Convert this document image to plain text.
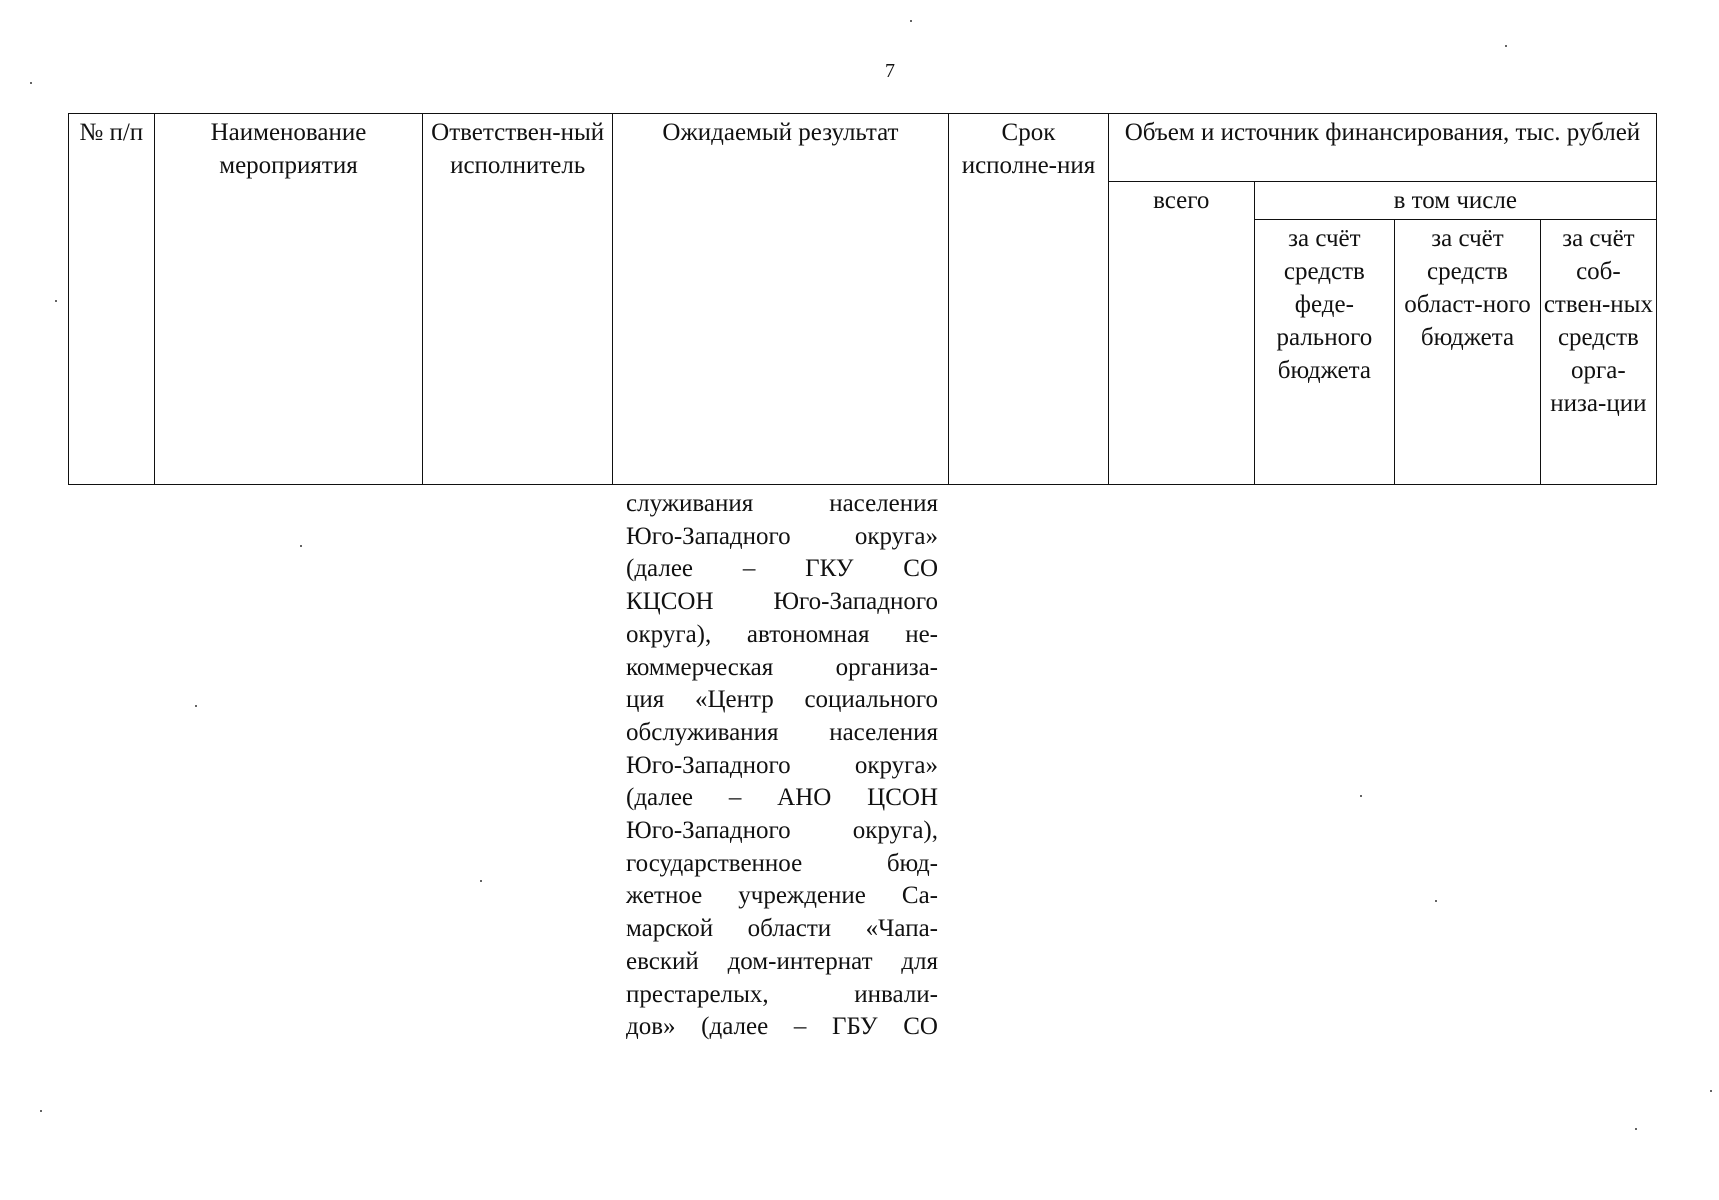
7
№ п/п	Наименование мероприятия	Ответствен-ный исполнитель	Ожидаемый результат	Срок исполне-ния	Объем и источник финансирования, тыс. рублей			
					всего	в том числе		
						за счёт средств феде-рального бюджета	за счёт средств област-ного бюджета	за счёт соб-ствен-ных средств орга-низа-ции
служивания населения
Юго-Западного округа»
(далее – ГКУ СО
КЦСОН Юго-Западного
округа), автономная не-
коммерческая организа-
ция «Центр социального
обслуживания населения
Юго-Западного округа»
(далее – АНО ЦСОН
Юго-Западного округа),
государственное бюд-
жетное учреждение Са-
марской области «Чапа-
евский дом-интернат для
престарелых, инвали-
дов» (далее – ГБУ СО
